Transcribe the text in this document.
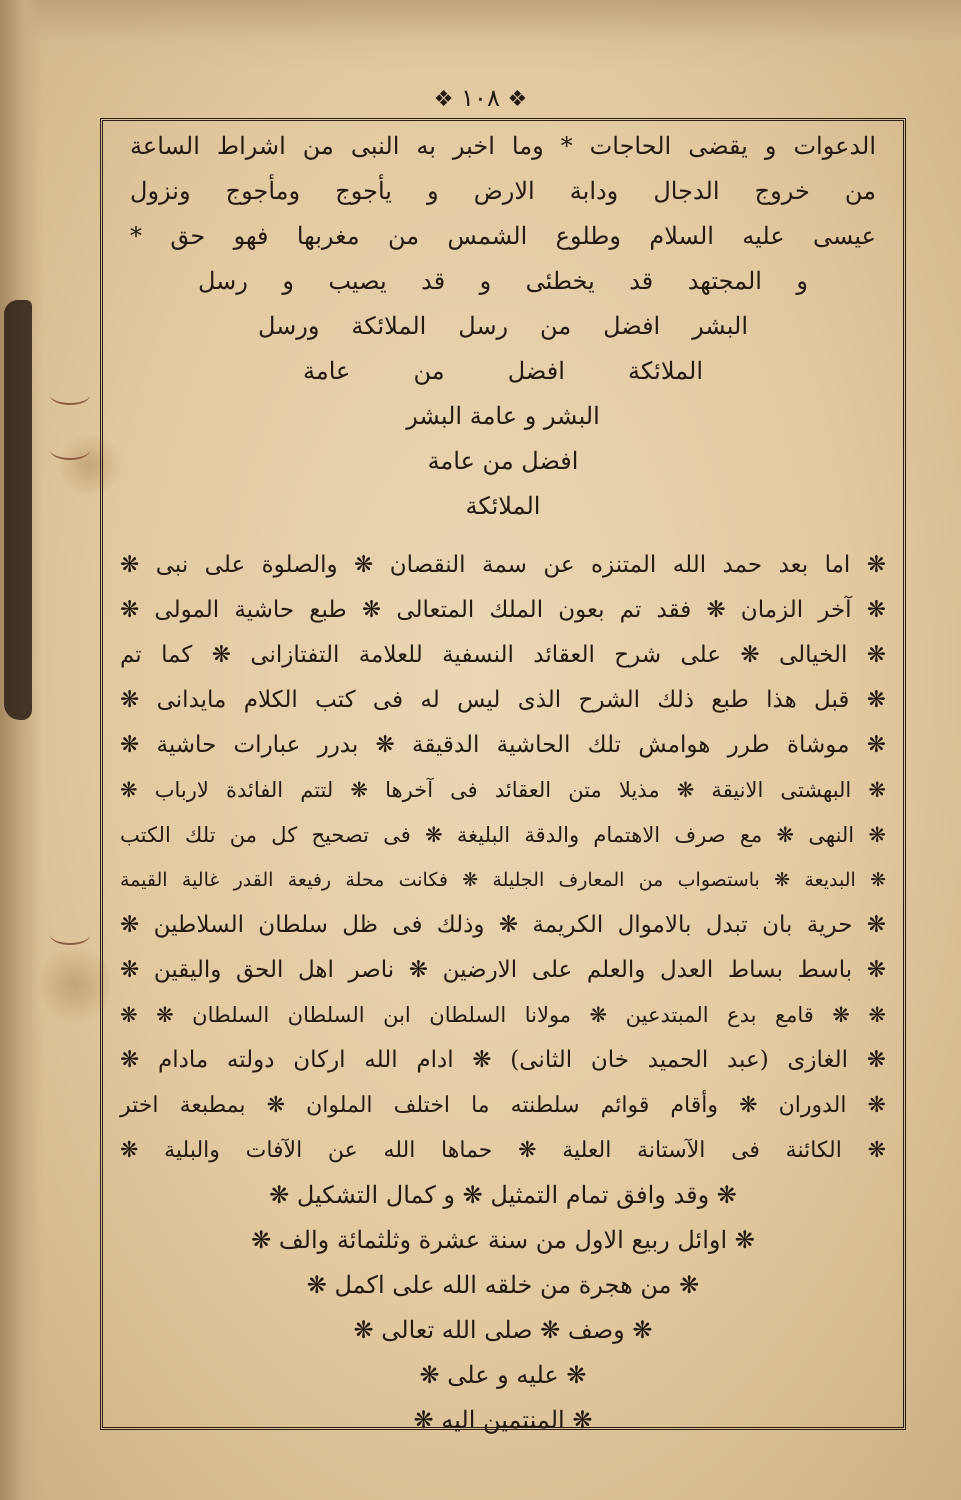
❖ ١٠٨ ❖
الدعوات و يقضى الحاجات * وما اخبر به النبى من اشراط الساعة
من خروج الدجال ودابة الارض و يأجوج ومأجوج ونزول
عيسى عليه السلام وطلوع الشمس من مغربها فهو حق *
و المجتهد قد يخطئى و قد يصيب و رسل
البشر افضل من رسل الملائكة ورسل
الملائكة افضل من عامة
البشر و عامة البشر
افضل من عامة
الملائكة
❋ اما بعد حمد الله المتنزه عن سمة النقصان ❋ والصلوة على نبى ❋
❋ آخر الزمان ❋ فقد تم بعون الملك المتعالى ❋ طبع حاشية المولى ❋
❋ الخيالى ❋ على شرح العقائد النسفية للعلامة التفتازانى ❋ كما تم
❋ قبل هذا طبع ذلك الشرح الذى ليس له فى كتب الكلام مايدانى ❋
❋ موشاة طرر هوامش تلك الحاشية الدقيقة ❋ بدرر عبارات حاشية ❋
❋ البهشتى الانيقة ❋ مذيلا متن العقائد فى آخرها ❋ لتتم الفائدة لارباب ❋
❋ النهى ❋ مع صرف الاهتمام والدقة البليغة ❋ فى تصحيح كل من تلك الكتب
❋ البديعة ❋ باستصواب من المعارف الجليلة ❋ فكانت محلة رفيعة القدر غالية القيمة
❋ حرية بان تبدل بالاموال الكريمة ❋ وذلك فى ظل سلطان السلاطين ❋
❋ باسط بساط العدل والعلم على الارضين ❋ ناصر اهل الحق واليقين ❋
❋ ❋ قامع بدع المبتدعين ❋ مولانا السلطان ابن السلطان السلطان ❋ ❋
❋ الغازى (عبد الحميد خان الثانى) ❋ ادام الله اركان دولته مادام ❋
❋ الدوران ❋ وأقام قوائم سلطنته ما اختلف الملوان ❋ بمطبعة اختر
❋ الكائنة فى الآستانة العلية ❋ حماها الله عن الآفات والبلية ❋
❋ وقد وافق تمام التمثيل ❋ و كمال التشكيل ❋
❋ اوائل ربيع الاول من سنة عشرة وثلثمائة والف ❋
❋ من هجرة من خلقه الله على اكمل ❋
❋ وصف ❋ صلى الله تعالى ❋
❋ عليه و على ❋
❋ المنتمين اليه ❋
